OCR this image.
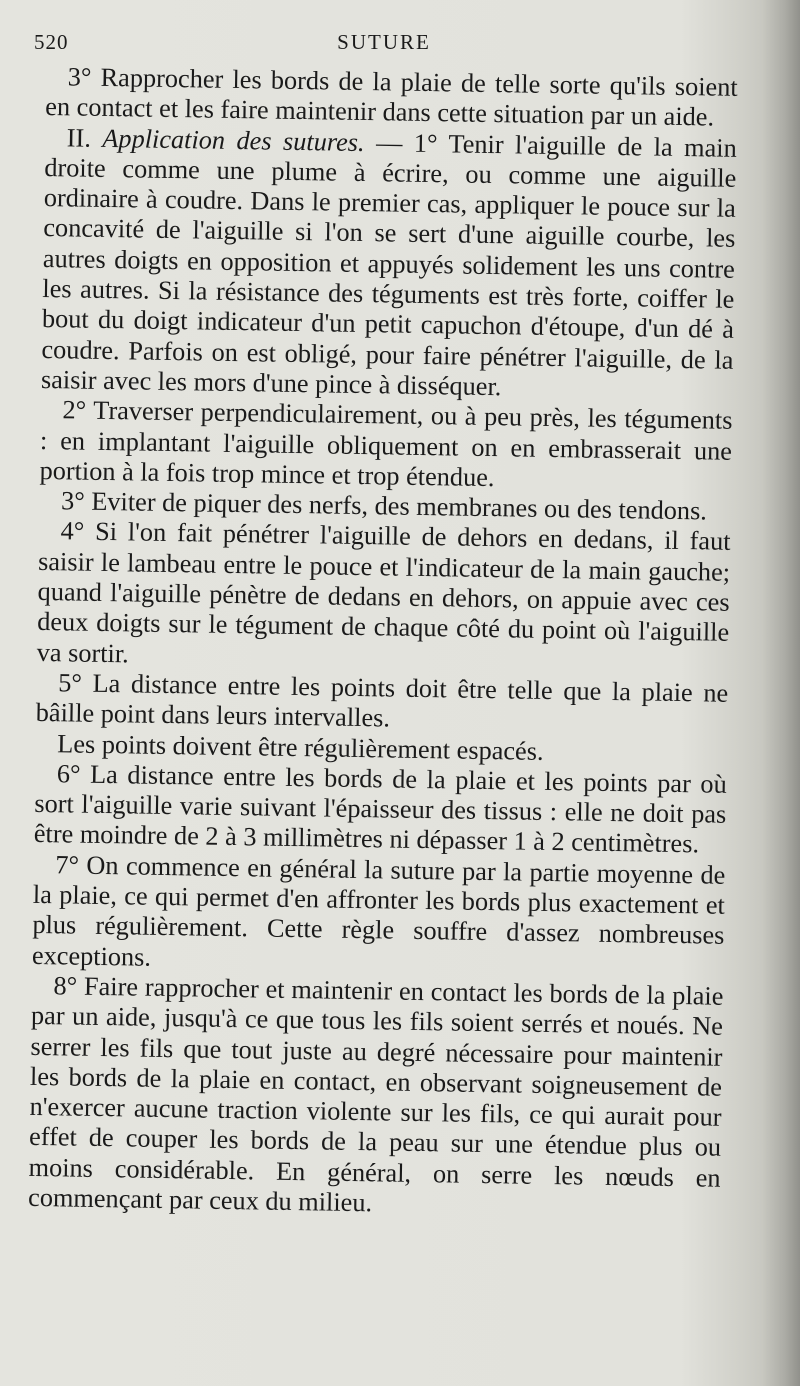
520	SUTURE

3° Rapprocher les bords de la plaie de telle sorte qu'ils soient en contact et les faire maintenir dans cette situation par un aide.

II. Application des sutures. — 1° Tenir l'aiguille de la main droite comme une plume à écrire, ou comme une aiguille ordinaire à coudre. Dans le premier cas, appliquer le pouce sur la concavité de l'aiguille si l'on se sert d'une aiguille courbe, les autres doigts en opposition et appuyés solidement les uns contre les autres. Si la résistance des téguments est très forte, coiffer le bout du doigt indicateur d'un petit capuchon d'étoupe, d'un dé à coudre. Parfois on est obligé, pour faire pénétrer l'aiguille, de la saisir avec les mors d'une pince à disséquer.

2° Traverser perpendiculairement, ou à peu près, les téguments : en implantant l'aiguille obliquement on en embrasserait une portion à la fois trop mince et trop étendue.

3° Eviter de piquer des nerfs, des membranes ou des tendons.

4° Si l'on fait pénétrer l'aiguille de dehors en dedans, il faut saisir le lambeau entre le pouce et l'indicateur de la main gauche; quand l'aiguille pénètre de dedans en dehors, on appuie avec ces deux doigts sur le tégument de chaque côté du point où l'aiguille va sortir.

5° La distance entre les points doit être telle que la plaie ne bâille point dans leurs intervalles.

Les points doivent être régulièrement espacés.

6° La distance entre les bords de la plaie et les points par où sort l'aiguille varie suivant l'épaisseur des tissus : elle ne doit pas être moindre de 2 à 3 millimètres ni dépasser 1 à 2 centimètres.

7° On commence en général la suture par la partie moyenne de la plaie, ce qui permet d'en affronter les bords plus exactement et plus régulièrement. Cette règle souffre d'assez nombreuses exceptions.

8° Faire rapprocher et maintenir en contact les bords de la plaie par un aide, jusqu'à ce que tous les fils soient serrés et noués. Ne serrer les fils que tout juste au degré nécessaire pour maintenir les bords de la plaie en contact, en observant soigneusement de n'exercer aucune traction violente sur les fils, ce qui aurait pour effet de couper les bords de la peau sur une étendue plus ou moins considérable. En général, on serre les nœuds en commençant par ceux du milieu.
